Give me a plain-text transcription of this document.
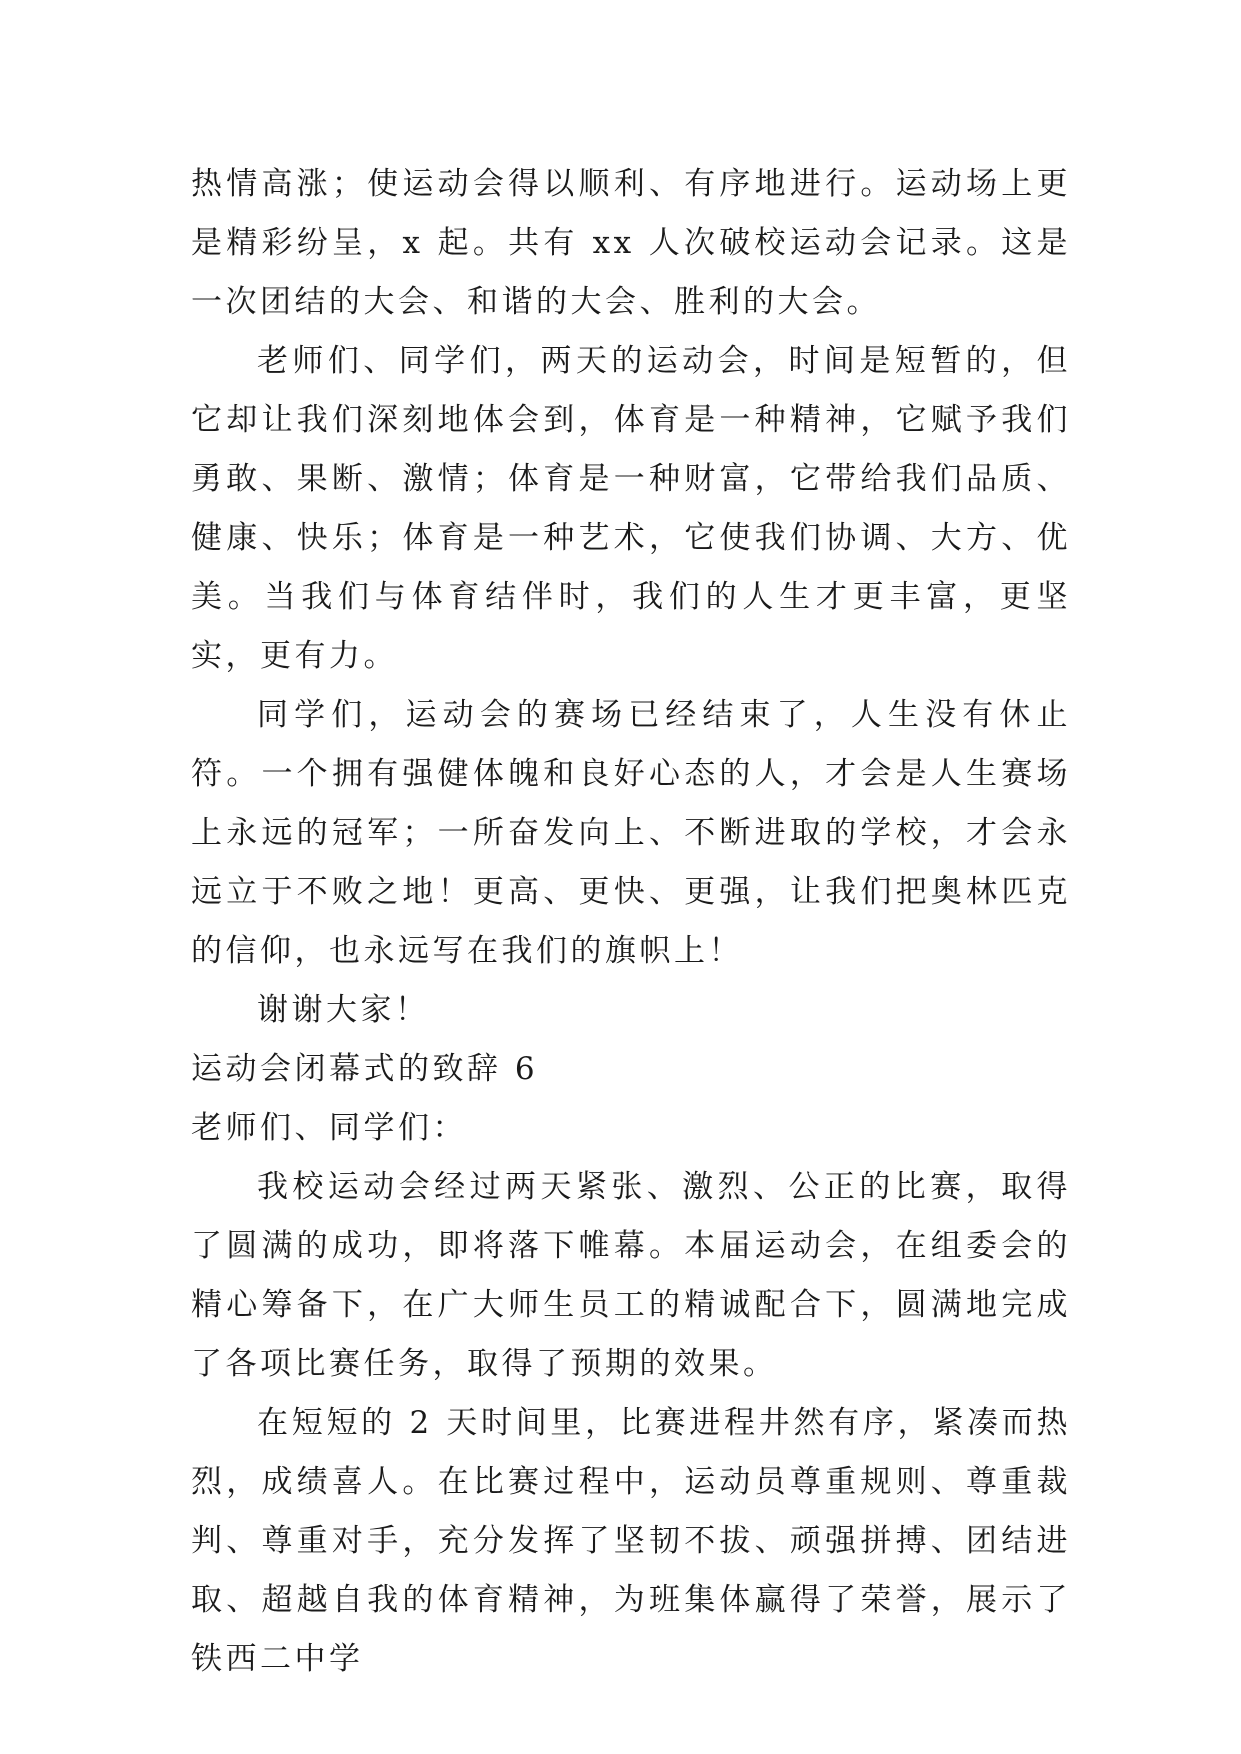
热情高涨；使运动会得以顺利、有序地进行。运动场上更是精彩纷呈，x 起。共有 xx 人次破校运动会记录。这是一次团结的大会、和谐的大会、胜利的大会。

老师们、同学们，两天的运动会，时间是短暂的，但它却让我们深刻地体会到，体育是一种精神，它赋予我们勇敢、果断、激情；体育是一种财富，它带给我们品质、健康、快乐；体育是一种艺术，它使我们协调、大方、优美。当我们与体育结伴时，我们的人生才更丰富，更坚实，更有力。

同学们，运动会的赛场已经结束了，人生没有休止符。一个拥有强健体魄和良好心态的人，才会是人生赛场上永远的冠军；一所奋发向上、不断进取的学校，才会永远立于不败之地！更高、更快、更强，让我们把奥林匹克的信仰，也永远写在我们的旗帜上！

谢谢大家！

运动会闭幕式的致辞 6

老师们、同学们：

我校运动会经过两天紧张、激烈、公正的比赛，取得了圆满的成功，即将落下帷幕。本届运动会，在组委会的精心筹备下，在广大师生员工的精诚配合下，圆满地完成了各项比赛任务，取得了预期的效果。

在短短的 2 天时间里，比赛进程井然有序，紧凑而热烈，成绩喜人。在比赛过程中，运动员尊重规则、尊重裁判、尊重对手，充分发挥了坚韧不拔、顽强拼搏、团结进取、超越自我的体育精神，为班集体赢得了荣誉，展示了铁西二中学
